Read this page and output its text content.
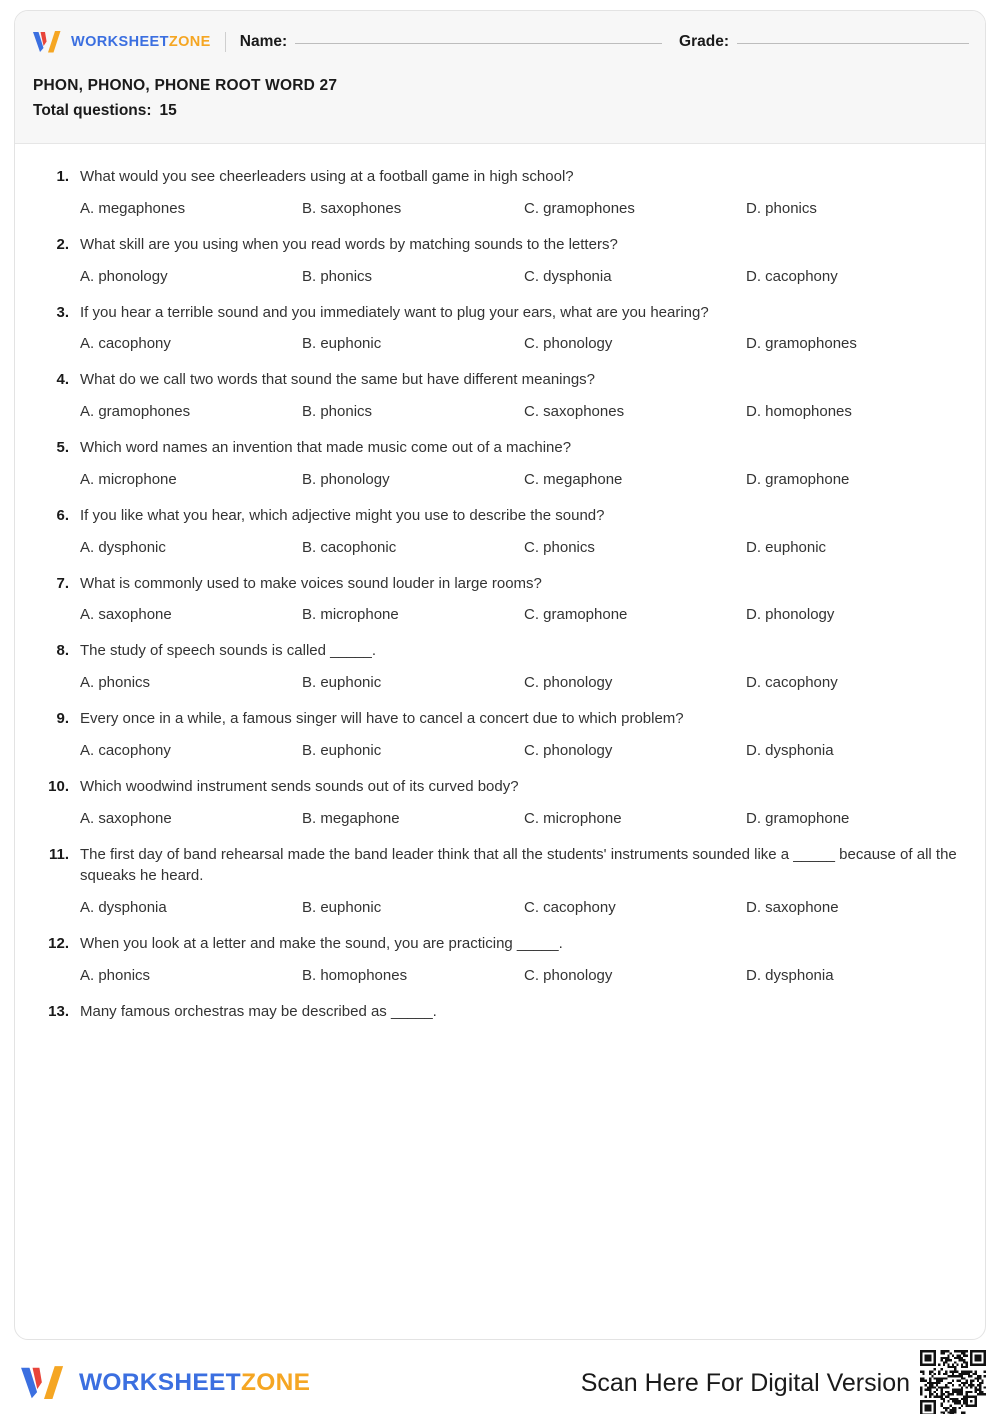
WORKSHEETZONE Name:	Grade:
PHON, PHONO, PHONE ROOT WORD 27

Total questions: 15

1. What would you see cheerleaders using at a football game in high school?
A. megaphones	B. saxophones	C. gramophones	D. phonics
2. What skill are you using when you read words by matching sounds to the letters?
A. phonology	B. phonics	C. dysphonia	D. cacophony
3. If you hear a terrible sound and you immediately want to plug your ears, what are you hearing?
A. cacophony	B. euphonic	C. phonology	D. gramophones
4. What do we call two words that sound the same but have different meanings?
A. gramophones	B. phonics	C. saxophones	D. homophones
5. Which word names an invention that made music come out of a machine?
A. microphone	B. phonology	C. megaphone	D. gramophone
6. If you like what you hear, which adjective might you use to describe the sound?
A. dysphonic	B. cacophonic	C. phonics	D. euphonic
7. What is commonly used to make voices sound louder in large rooms?
A. saxophone	B. microphone	C. gramophone	D. phonology
8. The study of speech sounds is called _____.
A. phonics	B. euphonic	C. phonology	D. cacophony
9. Every once in a while, a famous singer will have to cancel a concert due to which problem?
A. cacophony	B. euphonic	C. phonology	D. dysphonia
10. Which woodwind instrument sends sounds out of its curved body?
A. saxophone	B. megaphone	C. microphone	D. gramophone
11. The first day of band rehearsal made the band leader think that all the students' instruments sounded like a _____ because of all the squeaks he heard.
A. dysphonia	B. euphonic	C. cacophony	D. saxophone
12. When you look at a letter and make the sound, you are practicing _____.
A. phonics	B. homophones	C. phonology	D. dysphonia
13. Many famous orchestras may be described as _____.
WORKSHEETZONE	Scan Here For Digital Version
